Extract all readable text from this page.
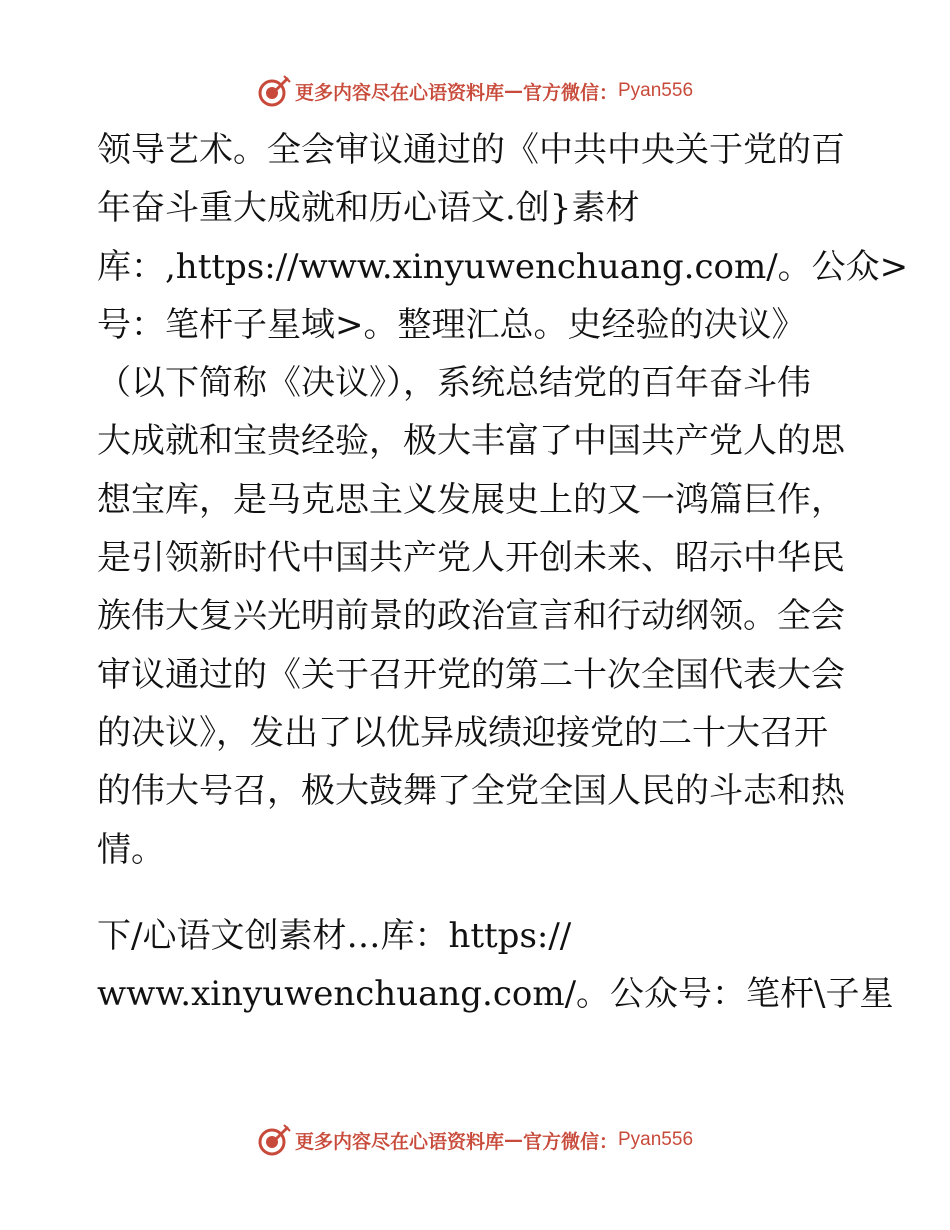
更多内容尽在心语资料库 — 官方微信： Pyan556
领导艺术。全会审议通过的《中共中央关于党的百
年奋斗重大成就和历心语文.创}素材
库：,https://www.xinyuwenchuang.com/。公众>
号：笔杆子星域>。整理汇总。史经验的决议》
（以下简称《决议》），系统总结党的百年奋斗伟
大成就和宝贵经验，极大丰富了中国共产党人的思
想宝库，是马克思主义发展史上的又一鸿篇巨作，
是引领新时代中国共产党人开创未来、昭示中华民
族伟大复兴光明前景的政治宣言和行动纲领。全会
审议通过的《关于召开党的第二十次全国代表大会
的决议》，发出了以优异成绩迎接党的二十大召开
的伟大号召，极大鼓舞了全党全国人民的斗志和热
情。
下/心语文创素材…库：https://
www.xinyuwenchuang.com/。公众号：笔杆\子星
更多内容尽在心语资料库 — 官方微信： Pyan556
